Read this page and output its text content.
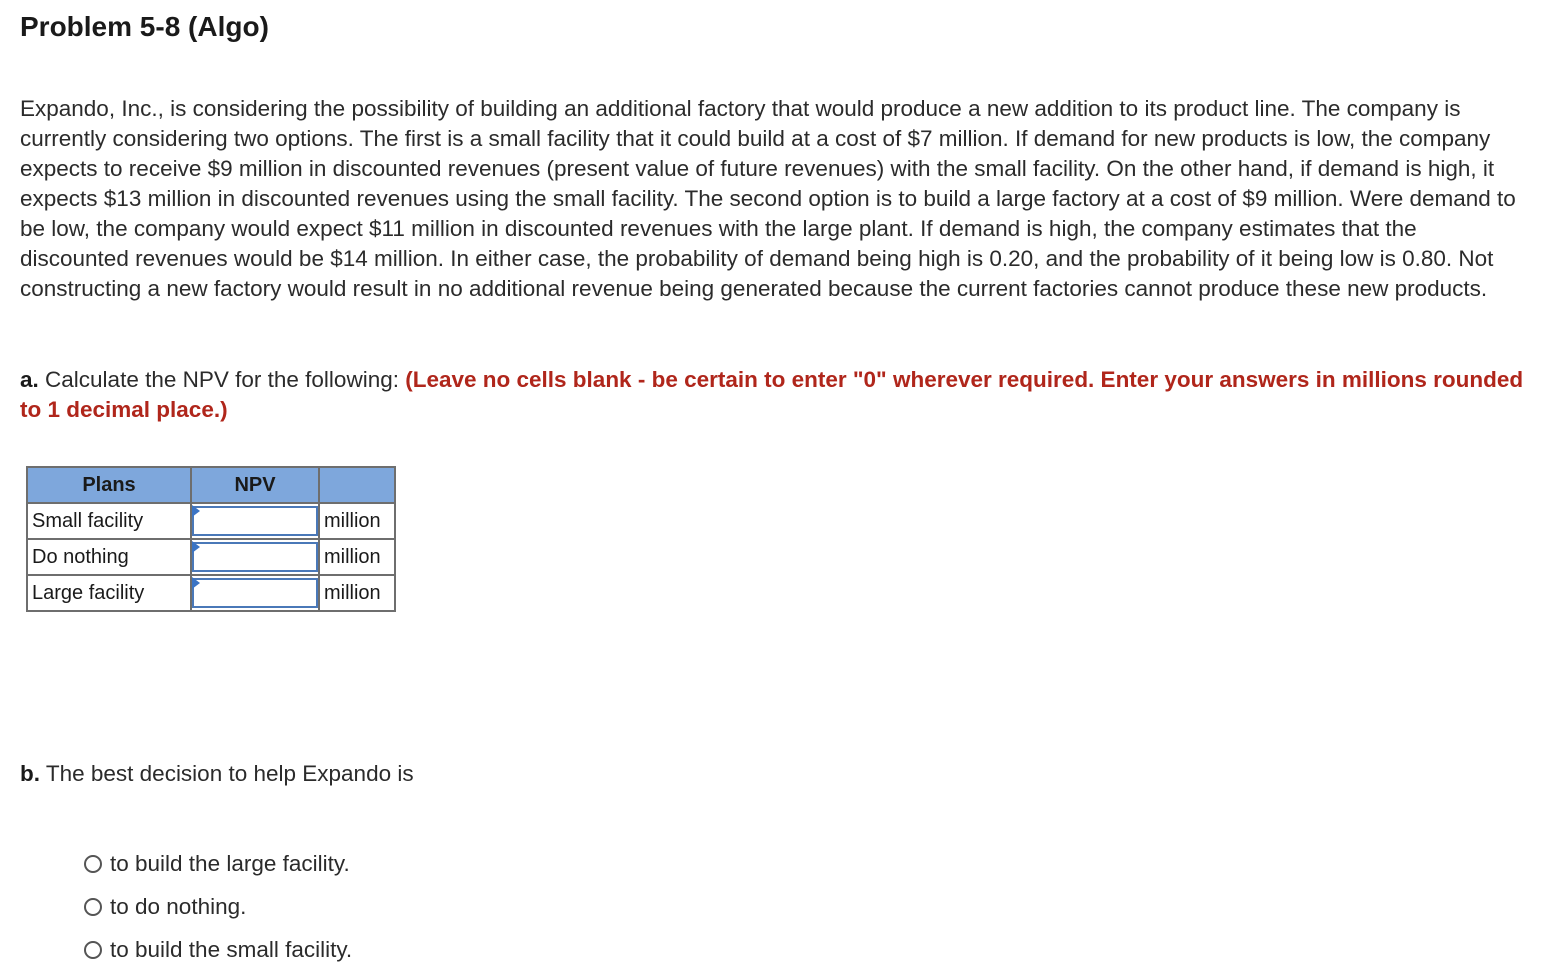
Problem 5-8 (Algo)

Expando, Inc., is considering the possibility of building an additional factory that would produce a new addition to its product line. The company is currently considering two options. The first is a small facility that it could build at a cost of $7 million. If demand for new products is low, the company expects to receive $9 million in discounted revenues (present value of future revenues) with the small facility. On the other hand, if demand is high, it expects $13 million in discounted revenues using the small facility. The second option is to build a large factory at a cost of $9 million. Were demand to be low, the company would expect $11 million in discounted revenues with the large plant. If demand is high, the company estimates that the discounted revenues would be $14 million. In either case, the probability of demand being high is 0.20, and the probability of it being low is 0.80. Not constructing a new factory would result in no additional revenue being generated because the current factories cannot produce these new products.

a. Calculate the NPV for the following: (Leave no cells blank - be certain to enter "0" wherever required. Enter your answers in millions rounded to 1 decimal place.)

Plans	NPV	
Small facility		million
Do nothing		million
Large facility		million

b. The best decision to help Expando is

to build the large facility.
to do nothing.
to build the small facility.
